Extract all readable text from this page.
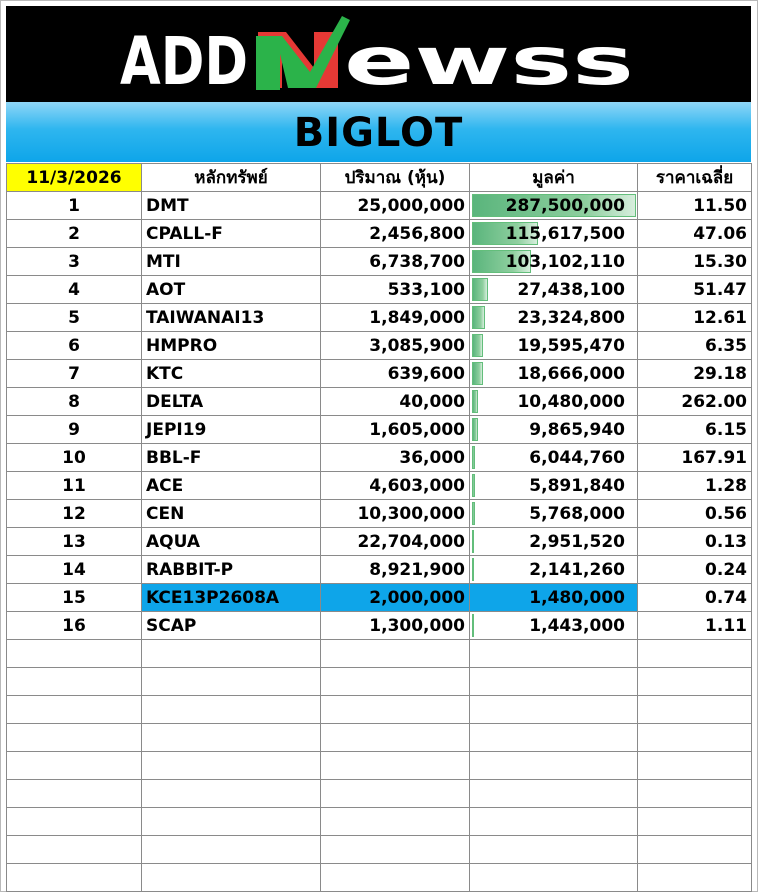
ADD ewss
BIGLOT
11/3/2026	หลักทรัพย์	ปริมาณ (หุ้น)	มูลค่า	ราคาเฉลี่ย
1	DMT	25,000,000	287,500,000	11.50
2	CPALL-F	2,456,800	115,617,500	47.06
3	MTI	6,738,700	103,102,110	15.30
4	AOT	533,100	27,438,100	51.47
5	TAIWANAI13	1,849,000	23,324,800	12.61
6	HMPRO	3,085,900	19,595,470	6.35
7	KTC	639,600	18,666,000	29.18
8	DELTA	40,000	10,480,000	262.00
9	JEPI19	1,605,000	9,865,940	6.15
10	BBL-F	36,000	6,044,760	167.91
11	ACE	4,603,000	5,891,840	1.28
12	CEN	10,300,000	5,768,000	0.56
13	AQUA	22,704,000	2,951,520	0.13
14	RABBIT-P	8,921,900	2,141,260	0.24
15	KCE13P2608A	2,000,000	1,480,000	0.74
16	SCAP	1,300,000	1,443,000	1.11
